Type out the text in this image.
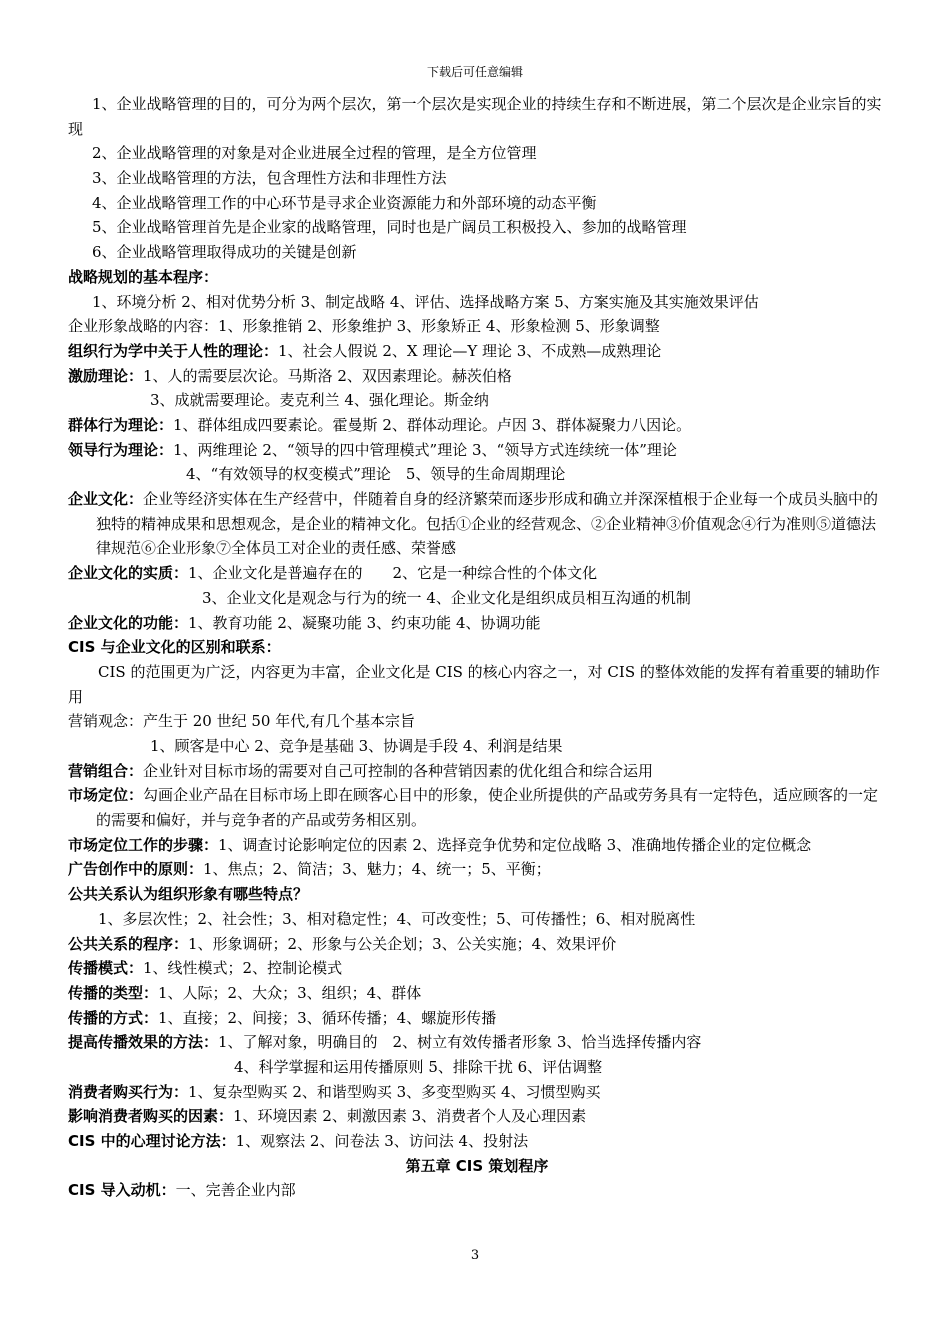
下载后可任意编辑
1、企业战略管理的目的，可分为两个层次，第一个层次是实现企业的持续生存和不断进展，第二个层次是企业宗旨的实现
2、企业战略管理的对象是对企业进展全过程的管理，是全方位管理
3、企业战略管理的方法，包含理性方法和非理性方法
4、企业战略管理工作的中心环节是寻求企业资源能力和外部环境的动态平衡
5、企业战略管理首先是企业家的战略管理，同时也是广阔员工积极投入、参加的战略管理
6、企业战略管理取得成功的关键是创新
战略规划的基本程序：
1、环境分析 2、相对优势分析 3、制定战略 4、评估、选择战略方案 5、方案实施及其实施效果评估
企业形象战略的内容：1、形象推销 2、形象维护 3、形象矫正 4、形象检测 5、形象调整
组织行为学中关于人性的理论：1、社会人假说 2、X 理论—Y 理论 3、不成熟—成熟理论
激励理论：1、人的需要层次论。马斯洛 2、双因素理论。赫茨伯格
3、成就需要理论。麦克利兰 4、强化理论。斯金纳
群体行为理论：1、群体组成四要素论。霍曼斯 2、群体动理论。卢因 3、群体凝聚力八因论。
领导行为理论：1、两维理论 2、“领导的四中管理模式”理论 3、“领导方式连续统一体”理论
4、“有效领导的权变模式”理论　5、领导的生命周期理论
企业文化：企业等经济实体在生产经营中，伴随着自身的经济繁荣而逐步形成和确立并深深植根于企业每一个成员头脑中的独特的精神成果和思想观念，是企业的精神文化。包括①企业的经营观念、②企业精神③价值观念④行为准则⑤道德法律规范⑥企业形象⑦全体员工对企业的责任感、荣誉感
企业文化的实质：1、企业文化是普遍存在的　　2、它是一种综合性的个体文化
3、企业文化是观念与行为的统一 4、企业文化是组织成员相互沟通的机制
企业文化的功能：1、教育功能 2、凝聚功能 3、约束功能 4、协调功能
CIS 与企业文化的区别和联系：
CIS 的范围更为广泛，内容更为丰富，企业文化是 CIS 的核心内容之一，对 CIS 的整体效能的发挥有着重要的辅助作用
营销观念：产生于 20 世纪 50 年代,有几个基本宗旨
1、顾客是中心 2、竞争是基础 3、协调是手段 4、利润是结果
营销组合：企业针对目标市场的需要对自己可控制的各种营销因素的优化组合和综合运用
市场定位：勾画企业产品在目标市场上即在顾客心目中的形象，使企业所提供的产品或劳务具有一定特色，适应顾客的一定的需要和偏好，并与竞争者的产品或劳务相区别。
市场定位工作的步骤：1、调查讨论影响定位的因素 2、选择竞争优势和定位战略 3、准确地传播企业的定位概念
广告创作中的原则：1、焦点；2、简洁；3、魅力；4、统一；5、平衡；
公共关系认为组织形象有哪些特点？
1、多层次性；2、社会性；3、相对稳定性；4、可改变性；5、可传播性；6、相对脱离性
公共关系的程序：1、形象调研；2、形象与公关企划；3、公关实施；4、效果评价
传播模式：1、线性模式；2、控制论模式
传播的类型：1、人际；2、大众；3、组织；4、群体
传播的方式：1、直接；2、间接；3、循环传播；4、螺旋形传播
提高传播效果的方法：1、了解对象，明确目的　2、树立有效传播者形象 3、恰当选择传播内容
4、科学掌握和运用传播原则 5、排除干扰 6、评估调整
消费者购买行为：1、复杂型购买 2、和谐型购买 3、多变型购买 4、习惯型购买
影响消费者购买的因素：1、环境因素 2、刺激因素 3、消费者个人及心理因素
CIS 中的心理讨论方法：1、观察法 2、问卷法 3、访问法 4、投射法
第五章 CIS 策划程序
CIS 导入动机：一、完善企业内部
3
